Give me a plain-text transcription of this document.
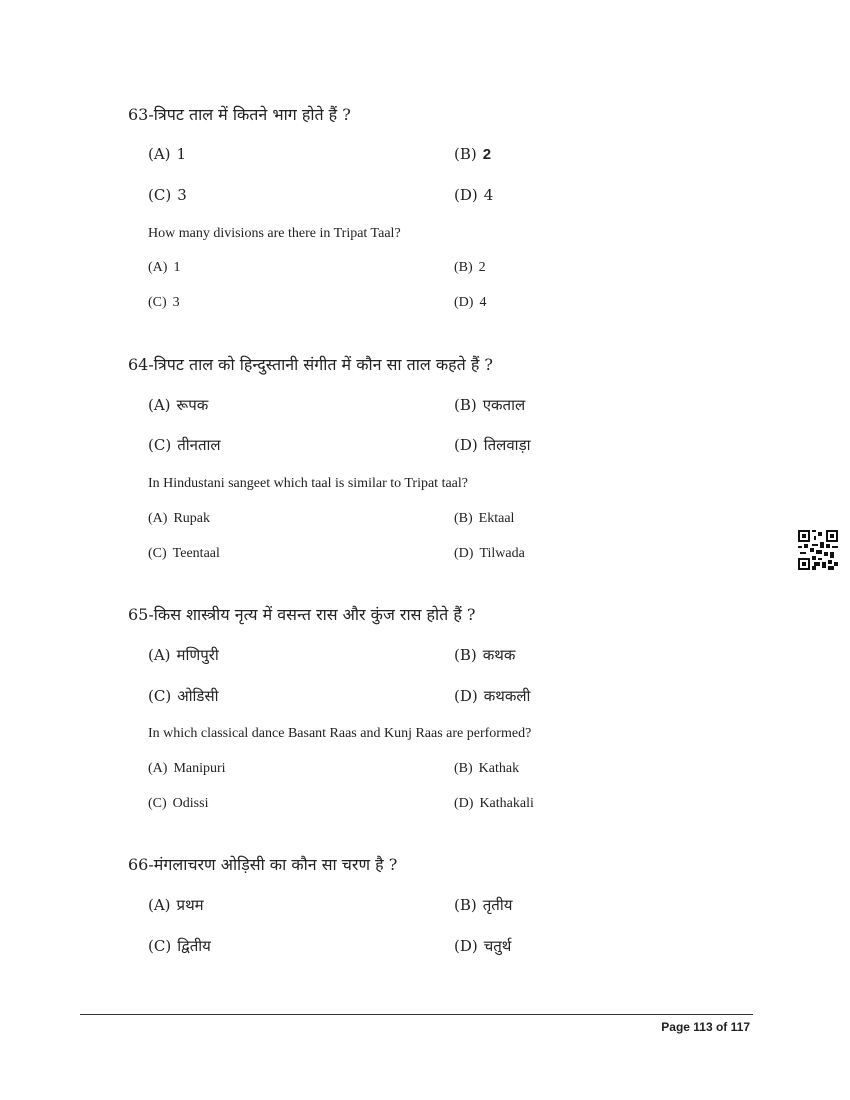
63-त्रिपट ताल में कितने भाग होते हैं ?
(A) 1	(B) 2
(C) 3	(D) 4
How many divisions are there in Tripat Taal?
(A) 1	(B) 2
(C) 3	(D) 4
64-त्रिपट ताल को हिन्दुस्तानी संगीत में कौन सा ताल कहते हैं ?
(A) रूपक	(B) एकताल
(C) तीनताल	(D) तिलवाड़ा
In Hindustani sangeet which taal is similar to Tripat taal?
(A) Rupak	(B) Ektaal
(C) Teentaal	(D) Tilwada
65-किस शास्त्रीय नृत्य में वसन्त रास और कुंज रास होते हैं ?
(A) मणिपुरी	(B) कथक
(C) ओडिसी	(D) कथकली
In which classical dance Basant Raas and Kunj Raas are performed?
(A) Manipuri	(B) Kathak
(C) Odissi	(D) Kathakali
66-मंगलाचरण ओड़िसी का कौन सा चरण है ?
(A) प्रथम	(B) तृतीय
(C) द्वितीय	(D) चतुर्थ
Page 113 of 117
